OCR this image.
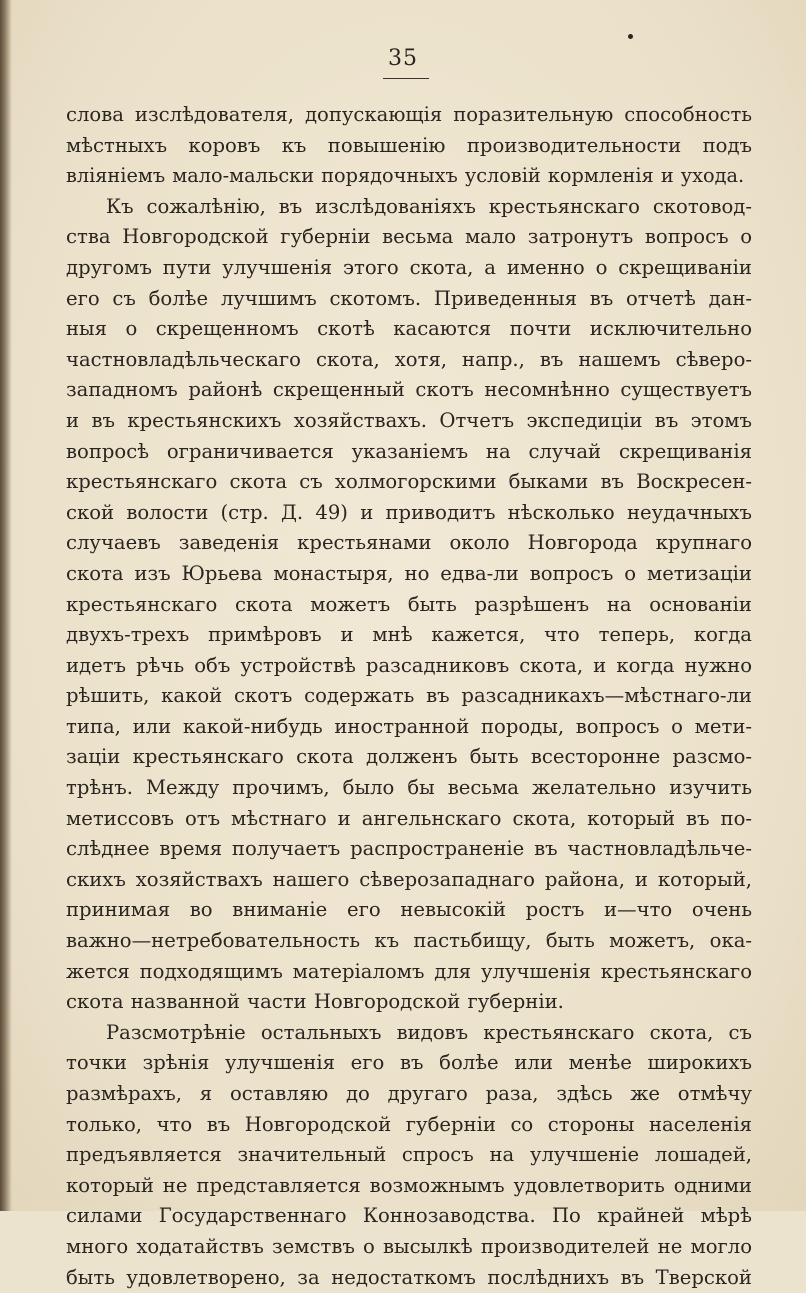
35
слова изслѣдователя, допускающія поразительную способность
мѣстныхъ коровъ къ повышенію производительности подъ
вліяніемъ мало-мальски порядочныхъ условій кормленія и ухода.
Къ сожалѣнію, въ изслѣдованіяхъ крестьянскаго скотовод-
ства Новгородской губерніи весьма мало затронутъ вопросъ о
другомъ пути улучшенія этого скота, а именно о скрещиваніи
его съ болѣе лучшимъ скотомъ. Приведенныя въ отчетѣ дан-
ныя о скрещенномъ скотѣ касаются почти исключительно
частновладѣльческаго скота, хотя, напр., въ нашемъ сѣверо-
западномъ районѣ скрещенный скотъ несомнѣнно существуетъ
и въ крестьянскихъ хозяйствахъ. Отчетъ экспедиціи въ этомъ
вопросѣ ограничивается указаніемъ на случай скрещиванія
крестьянскаго скота съ холмогорскими быками въ Воскресен-
ской волости (стр. Д. 49) и приводитъ нѣсколько неудачныхъ
случаевъ заведенія крестьянами около Новгорода крупнаго
скота изъ Юрьева монастыря, но едва-ли вопросъ о метизаціи
крестьянскаго скота можетъ быть разрѣшенъ на основаніи
двухъ-трехъ примѣровъ и мнѣ кажется, что теперь, когда
идетъ рѣчь объ устройствѣ разсадниковъ скота, и когда нужно
рѣшить, какой скотъ содержать въ разсадникахъ—мѣстнаго-ли
типа, или какой-нибудь иностранной породы, вопросъ о мети-
заціи крестьянскаго скота долженъ быть всесторонне разсмо-
трѣнъ. Между прочимъ, было бы весьма желательно изучить
метиссовъ отъ мѣстнаго и ангельнскаго скота, который въ по-
слѣднее время получаетъ распространеніе въ частновладѣльче-
скихъ хозяйствахъ нашего сѣверозападнаго района, и который,
принимая во вниманіе его невысокій ростъ и—что очень
важно—нетребовательность къ пастьбищу, быть можетъ, ока-
жется подходящимъ матеріаломъ для улучшенія крестьянскаго
скота названной части Новгородской губерніи.
Разсмотрѣніе остальныхъ видовъ крестьянскаго скота, съ
точки зрѣнія улучшенія его въ болѣе или менѣе широкихъ
размѣрахъ, я оставляю до другаго раза, здѣсь же отмѣчу
только, что въ Новгородской губерніи со стороны населенія
предъявляется значительный спросъ на улучшеніе лошадей,
который не представляется возможнымъ удовлетворить одними
силами Государственнаго Коннозаводства. По крайней мѣрѣ
много ходатайствъ земствъ о высылкѣ производителей не могло
быть удовлетворено, за недостаткомъ послѣднихъ въ Тверской
